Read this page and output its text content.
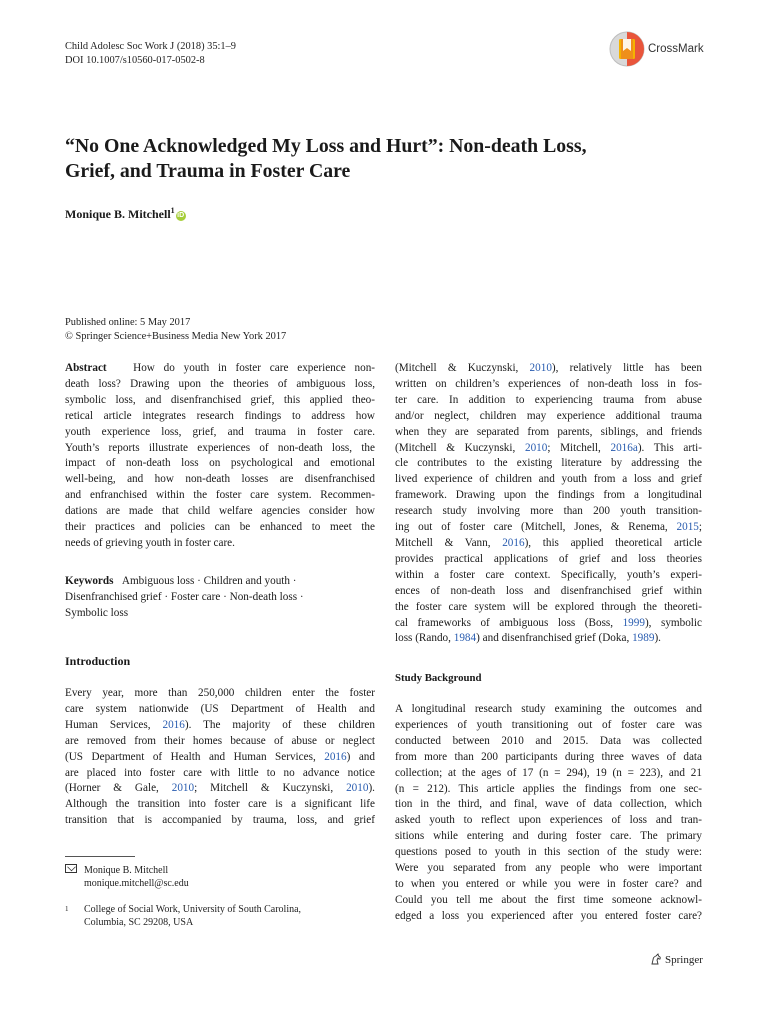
Child Adolesc Soc Work J (2018) 35:1–9
DOI 10.1007/s10560-017-0502-8
CrossMark
“No One Acknowledged My Loss and Hurt”: Non-death Loss,
Grief, and Trauma in Foster Care
Monique B. Mitchell$^1$iD
Published online: 5 May 2017
© Springer Science+Business Media New York 2017
Abstract How do youth in foster care experience non-
death loss? Drawing upon the theories of ambiguous loss,
symbolic loss, and disenfranchised grief, this applied theo-
retical article integrates research findings to address how
youth experience loss, grief, and trauma in foster care.
Youth’s reports illustrate experiences of non-death loss, the
impact of non-death loss on psychological and emotional
well-being, and how non-death losses are disenfranchised
and enfranchised within the foster care system. Recommen-
dations are made that child welfare agencies consider how
their practices and policies can be enhanced to meet the
needs of grieving youth in foster care.
Keywords Ambiguous loss · Children and youth ·
Disenfranchised grief · Foster care · Non-death loss ·
Symbolic loss
Introduction
Every year, more than 250,000 children enter the foster
care system nationwide (US Department of Health and
Human Services, 2016). The majority of these children
are removed from their homes because of abuse or neglect
(US Department of Health and Human Services, 2016) and
are placed into foster care with little to no advance notice
(Horner & Gale, 2010; Mitchell & Kuczynski, 2010).
Although the transition into foster care is a significant life
transition that is accompanied by trauma, loss, and grief
Monique B. Mitchell
monique.mitchell@sc.edu
$^1$ College of Social Work, University of South Carolina,
Columbia, SC 29208, USA
(Mitchell & Kuczynski, 2010), relatively little has been
written on children’s experiences of non-death loss in fos-
ter care. In addition to experiencing trauma from abuse
and/or neglect, children may experience additional trauma
when they are separated from parents, siblings, and friends
(Mitchell & Kuczynski, 2010; Mitchell, 2016a). This arti-
cle contributes to the existing literature by addressing the
lived experience of children and youth from a loss and grief
framework. Drawing upon the findings from a longitudinal
research study involving more than 200 youth transition-
ing out of foster care (Mitchell, Jones, & Renema, 2015;
Mitchell & Vann, 2016), this applied theoretical article
provides practical applications of grief and loss theories
within a foster care context. Specifically, youth’s experi-
ences of non-death loss and disenfranchised grief within
the foster care system will be explored through the theoreti-
cal frameworks of ambiguous loss (Boss, 1999), symbolic
loss (Rando, 1984) and disenfranchised grief (Doka, 1989).
Study Background
A longitudinal research study examining the outcomes and
experiences of youth transitioning out of foster care was
conducted between 2010 and 2015. Data was collected
from more than 200 participants during three waves of data
collection; at the ages of 17 (n = 294), 19 (n = 223), and 21
(n = 212). This article applies the findings from one sec-
tion in the third, and final, wave of data collection, which
asked youth to reflect upon experiences of loss and tran-
sitions while entering and during foster care. The primary
questions posed to youth in this section of the study were:
Were you separated from any people who were important
to when you entered or while you were in foster care? and
Could you tell me about the first time someone acknowl-
edged a loss you experienced after you entered foster care?
Springer
